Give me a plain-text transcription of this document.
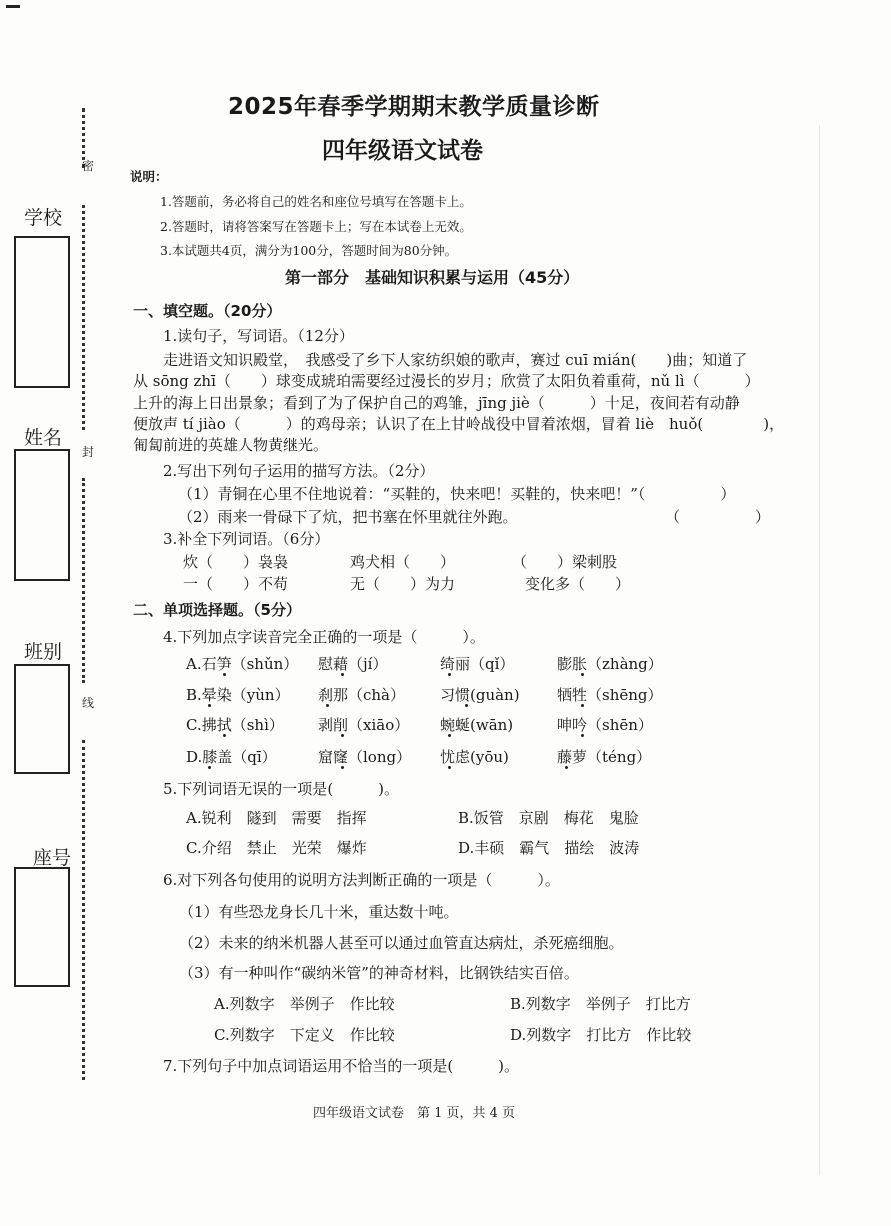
学校
姓名
班别
座号
密
封
线
2025年春季学期期末教学质量诊断
四年级语文试卷
说明：
1.答题前，务必将自己的姓名和座位号填写在答题卡上。
2.答题时，请将答案写在答题卡上；写在本试卷上无效。
3.本试题共4页，满分为100分，答题时间为80分钟。
第一部分　基础知识积累与运用（45分）
一、填空题。（20分）
1.读句子，写词语。（12分）
走进语文知识殿堂，　我感受了乡下人家纺织娘的歌声，赛过 cuī mián(　　)曲；知道了
从 sōng zhī（　　）球变成琥珀需要经过漫长的岁月；欣赏了太阳负着重荷，nǔ lì（　　　）
上升的海上日出景象；看到了为了保护自己的鸡雏，jīng jiè（　　　）十足，夜间若有动静
便放声 tí jiào（　　　）的鸡母亲；认识了在上甘岭战役中冒着浓烟，冒着 liè　huǒ(　　　　)，
匍匐前进的英雄人物黄继光。
2.写出下列句子运用的描写方法。（2分）
（1）青铜在心里不住地说着：“买鞋的，快来吧！买鞋的，快来吧！”（　　　　　）
（2）雨来一骨碌下了炕，把书塞在怀里就往外跑。	（　　　　　）
3.补全下列词语。（6分）
炊（　　）袅袅	鸡犬相（　　）	（　　）梁刺股
一（　　）不苟	无（　　）为力	变化多（　　）
二、单项选择题。（5分）
4.下列加点字读音完全正确的一项是（　　　）。
A.石笋（shǔn） 慰藉（jí）	绮丽（qǐ）	膨胀（zhàng）
B.晕染（yùn） 刹那（chà） 习惯(guàn) 牺牲（shēng）
C.拂拭（shì） 剥削（xiāo） 蜿蜒(wān)	呻吟（shēn）
D.膝盖（qī）	窟窿（long） 忧虑(yōu)	藤萝（téng）
5.下列词语无误的一项是(　　　)。
A.锐利　隧到　需要　指挥	B.饭管　京剧　梅花　鬼脸
C.介绍　禁止　光荣　爆炸	D.丰硕　霸气　描绘　波涛
6.对下列各句使用的说明方法判断正确的一项是（　　　）。
（1）有些恐龙身长几十米，重达数十吨。
（2）未来的纳米机器人甚至可以通过血管直达病灶，杀死癌细胞。
（3）有一种叫作“碳纳米管”的神奇材料，比钢铁结实百倍。
A.列数字　举例子　作比较	B.列数字　举例子　打比方
C.列数字　下定义　作比较	D.列数字　打比方　作比较
7.下列句子中加点词语运用不恰当的一项是(　　　)。
四年级语文试卷　第 1 页，共 4 页
